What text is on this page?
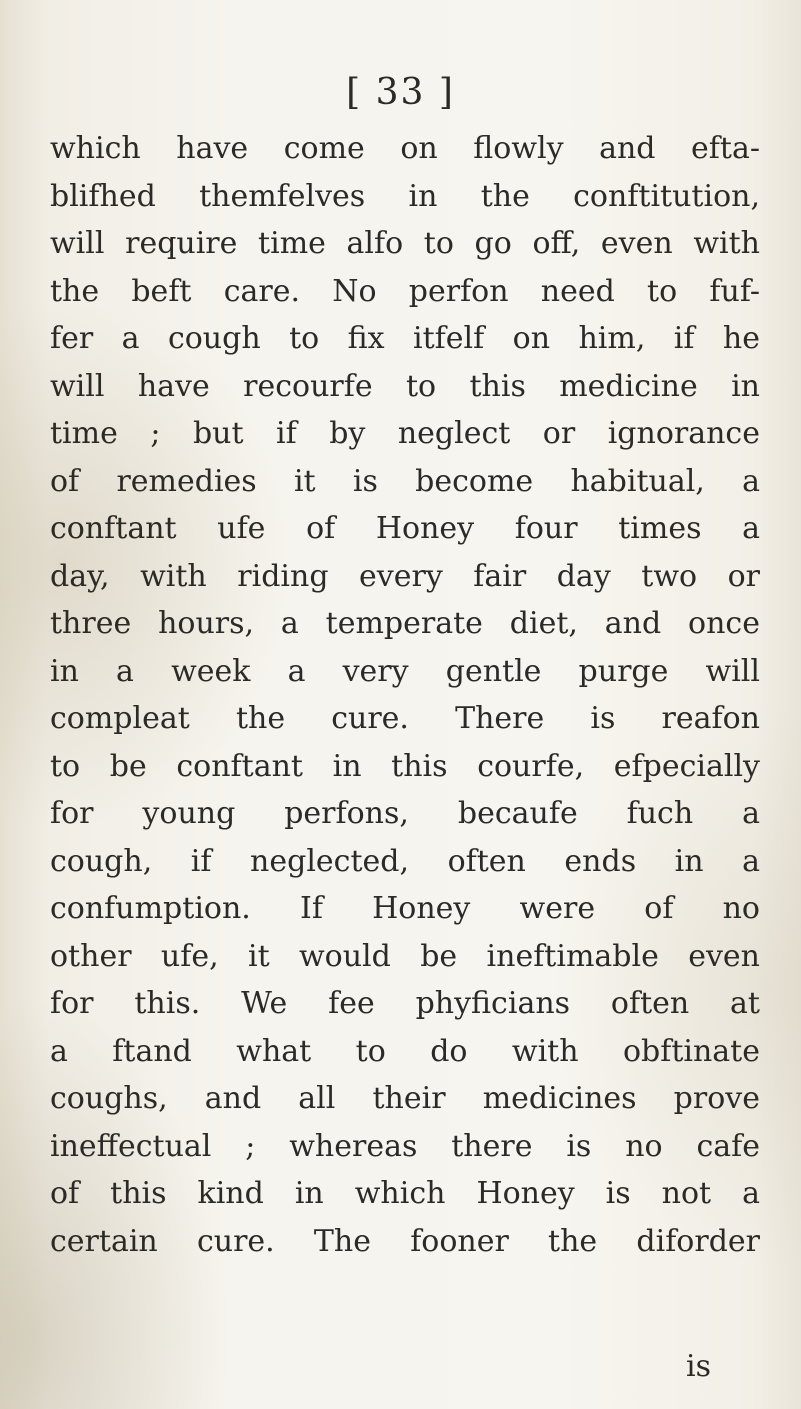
[ 33 ]

which have come on flowly and efta-
blifhed themfelves in the conftitution,
will require time alfo to go off, even with
the beft care. No perfon need to fuf-
fer a cough to fix itfelf on him, if he
will have recourfe to this medicine in
time ; but if by neglect or ignorance
of remedies it is become habitual, a
conftant ufe of Honey four times a
day, with riding every fair day two or
three hours, a temperate diet, and once
in a week a very gentle purge will
compleat the cure. There is reafon
to be conftant in this courfe, efpecially
for young perfons, becaufe fuch a
cough, if neglected, often ends in a
confumption. If Honey were of no
other ufe, it would be ineftimable even
for this. We fee phyficians often at
a ftand what to do with obftinate
coughs, and all their medicines prove
ineffectual ; whereas there is no cafe
of this kind in which Honey is not a
certain cure. The fooner the diforder
is
